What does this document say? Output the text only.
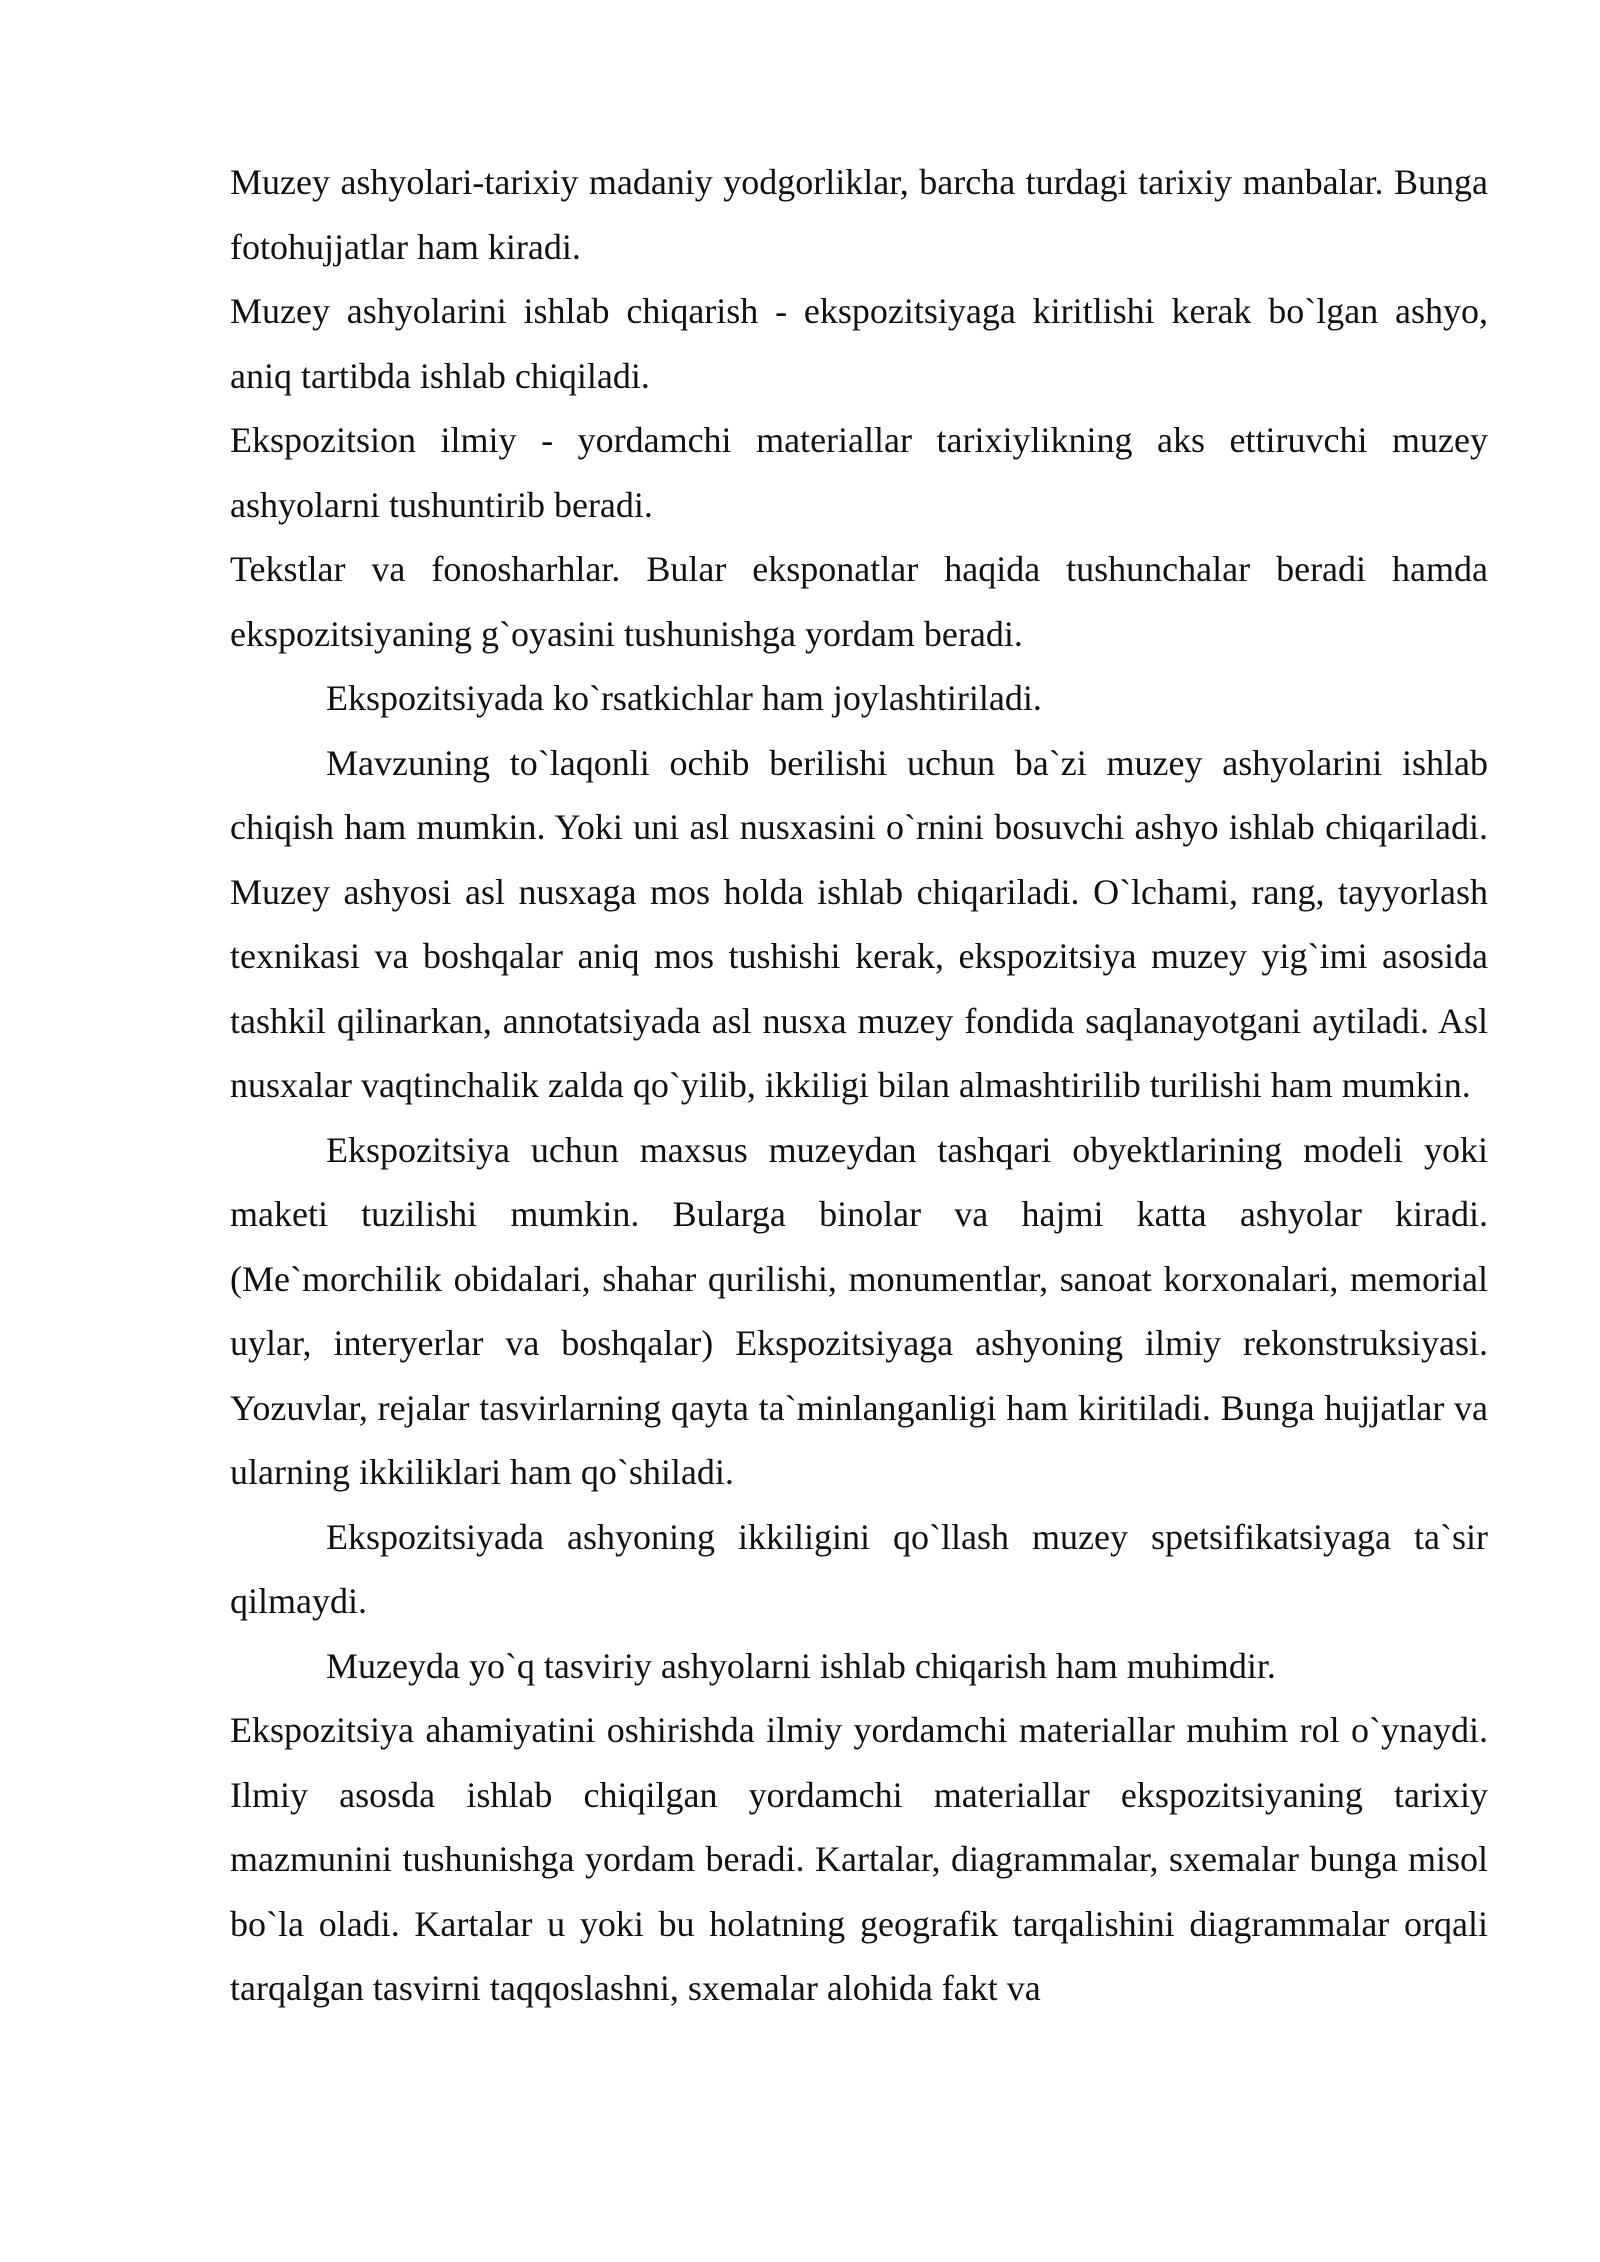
Muzey ashyolari-tarixiy madaniy yodgorliklar, barcha turdagi tarixiy manbalar. Bunga fotohujjatlar ham kiradi.

Muzey ashyolarini ishlab chiqarish - ekspozitsiyaga kiritlishi kerak bo`lgan ashyo, aniq tartibda ishlab chiqiladi.

Ekspozitsion ilmiy - yordamchi materiallar tarixiylikning aks ettiruvchi muzey ashyolarni tushuntirib beradi.

Tekstlar va fonosharhlar. Bular eksponatlar haqida tushunchalar beradi hamda ekspozitsiyaning g`oyasini tushunishga yordam beradi.

Ekspozitsiyada ko`rsatkichlar ham joylashtiriladi.

Mavzuning to`laqonli ochib berilishi uchun ba`zi muzey ashyolarini ishlab chiqish ham mumkin. Yoki uni asl nusxasini o`rnini bosuvchi ashyo ishlab chiqariladi. Muzey ashyosi asl nusxaga mos holda ishlab chiqariladi. O`lchami, rang, tayyorlash texnikasi va boshqalar aniq mos tushishi kerak, ekspozitsiya muzey yig`imi asosida tashkil qilinarkan, annotatsiyada asl nusxa muzey fondida saqlanayotgani aytiladi. Asl nusxalar vaqtinchalik zalda qo`yilib, ikkiligi bilan almashtirilib turilishi ham mumkin.

Ekspozitsiya uchun maxsus muzeydan tashqari obyektlarining modeli yoki maketi tuzilishi mumkin. Bularga binolar va hajmi katta ashyolar kiradi. (Me`morchilik obidalari, shahar qurilishi, monumentlar, sanoat korxonalari, memorial uylar, interyerlar va boshqalar) Ekspozitsiyaga ashyoning ilmiy rekonstruksiyasi. Yozuvlar, rejalar tasvirlarning qayta ta`minlanganligi ham kiritiladi. Bunga hujjatlar va ularning ikkiliklari ham qo`shiladi.

Ekspozitsiyada ashyoning ikkiligini qo`llash muzey spetsifikatsiyaga ta`sir qilmaydi.

Muzeyda yo`q tasviriy ashyolarni ishlab chiqarish ham muhimdir.

Ekspozitsiya ahamiyatini oshirishda ilmiy yordamchi materiallar muhim rol o`ynaydi. Ilmiy asosda ishlab chiqilgan yordamchi materiallar ekspozitsiyaning tarixiy mazmunini tushunishga yordam beradi. Kartalar, diagrammalar, sxemalar bunga misol bo`la oladi. Kartalar u yoki bu holatning geografik tarqalishini diagrammalar orqali tarqalgan tasvirni taqqoslashni, sxemalar alohida fakt va
